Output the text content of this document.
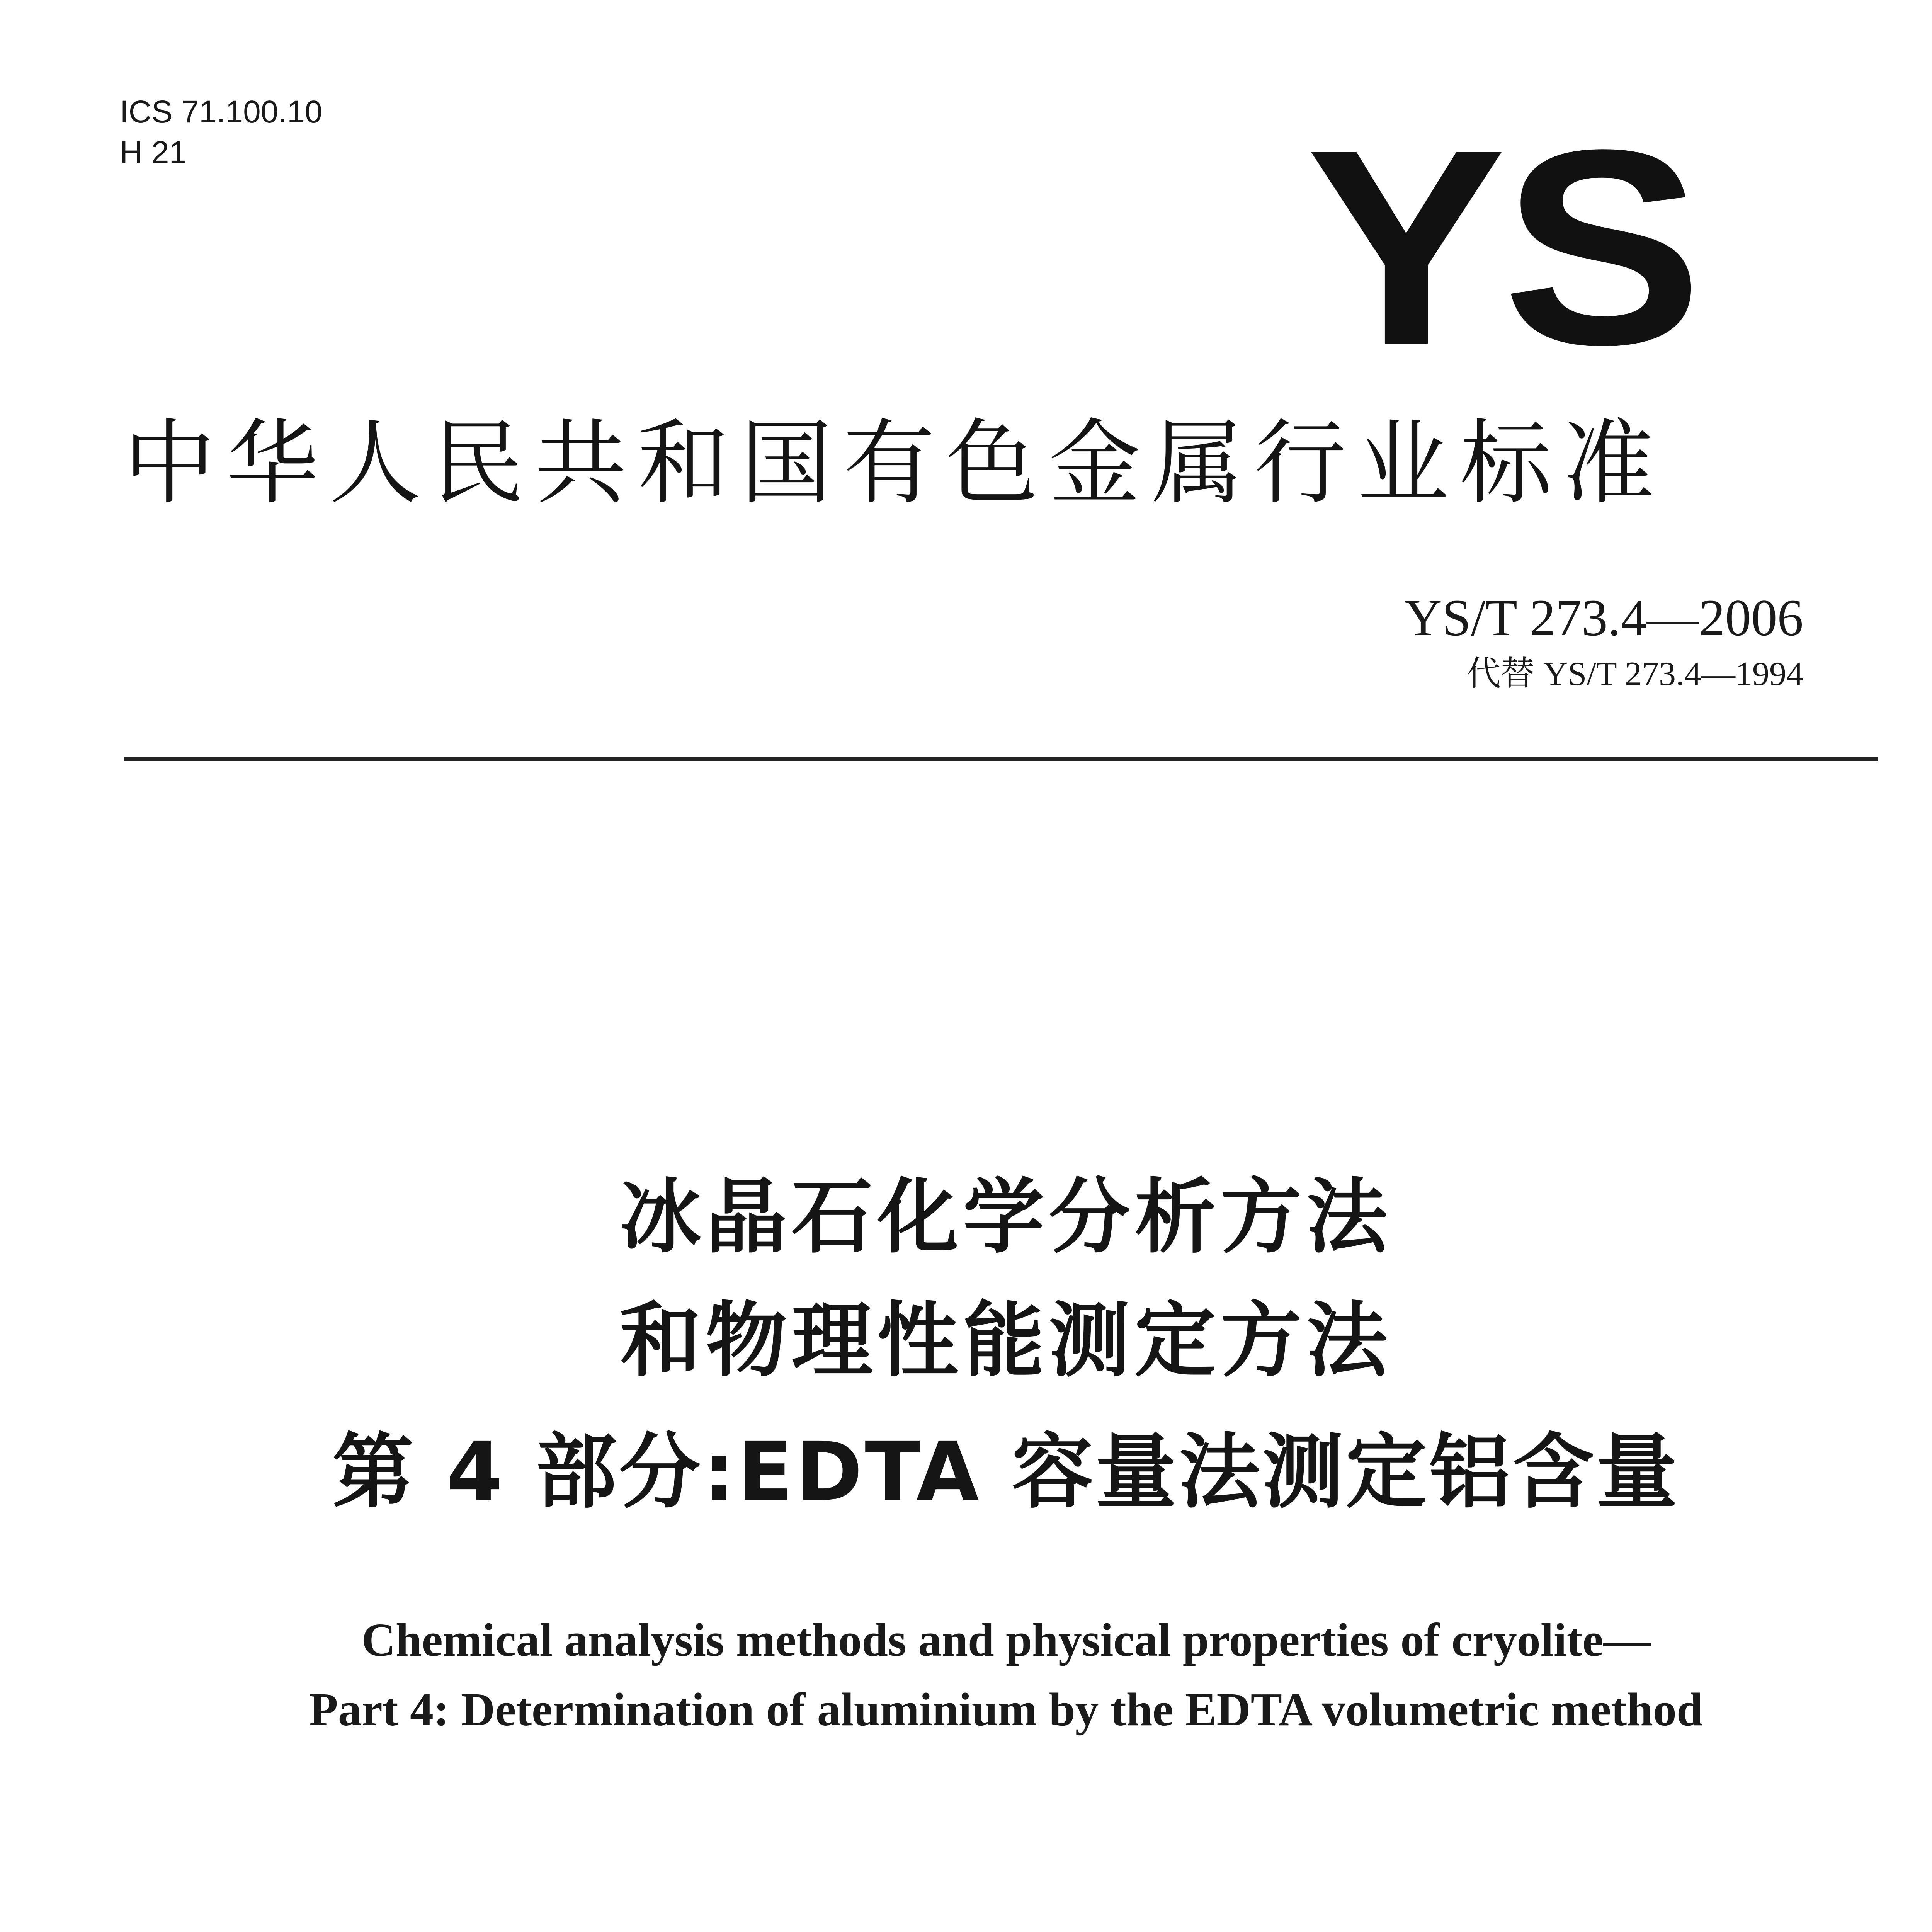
ICS 71.100.10
H 21	YS
中华人民共和国有色金属行业标准
YS/T 273.4—2006
代替 YS/T 273.4—1994
冰晶石化学分析方法
和物理性能测定方法
第 4 部分:EDTA 容量法测定铝含量
Chemical analysis methods and physical properties of cryolite—
Part 4: Determination of aluminium by the EDTA volumetric method
